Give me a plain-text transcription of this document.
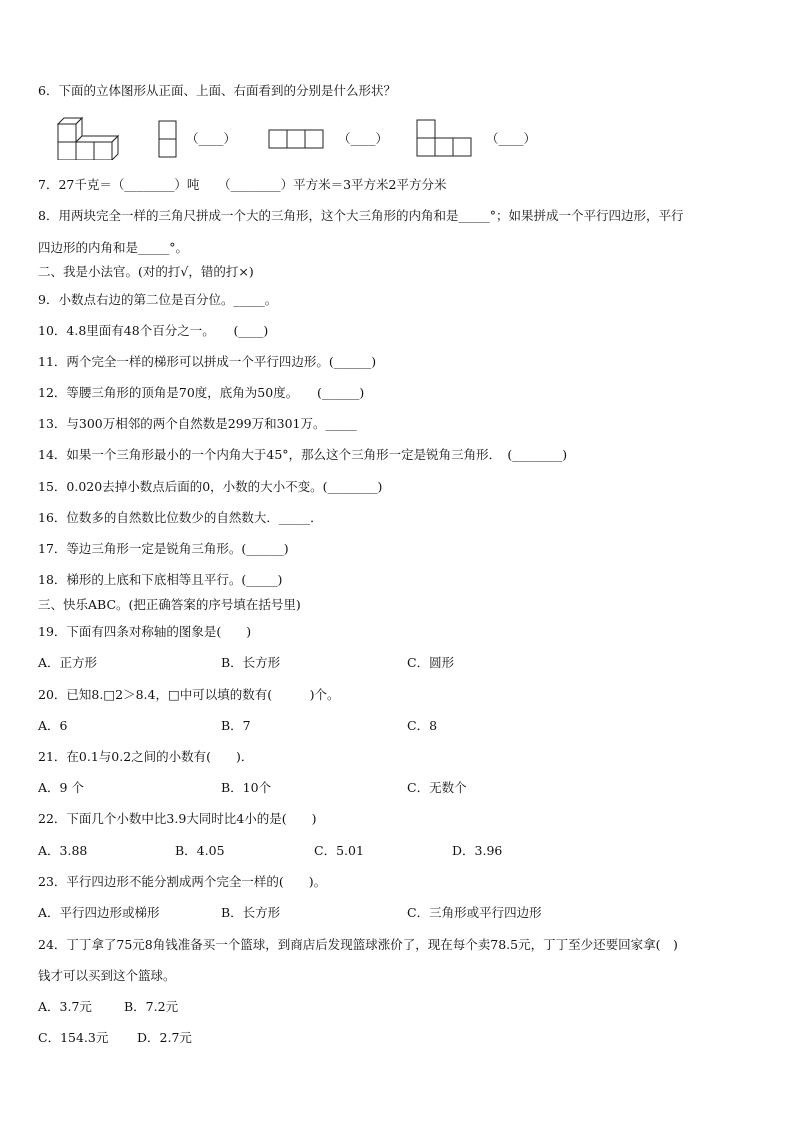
6．下面的立体图形从正面、上面、右面看到的分别是什么形状？
（____）	（____）	（____）
7．27千克＝（________）吨　　（________）平方米＝3平方米2平方分米
8．用两块完全一样的三角尺拼成一个大的三角形，这个大三角形的内角和是_____°；如果拼成一个平行四边形，平行
四边形的内角和是_____°。
二、我是小法官。(对的打√，错的打×)
9．小数点右边的第二位是百分位。_____。
10．4.8里面有48个百分之一。　　(____)
11．两个完全一样的梯形可以拼成一个平行四边形。(______)
12．等腰三角形的顶角是70度，底角为50度。　　(______)
13．与300万相邻的两个自然数是299万和301万。_____
14．如果一个三角形最小的一个内角大于45°，那么这个三角形一定是锐角三角形．　(________)
15．0.020去掉小数点后面的0，小数的大小不变。(________)
16．位数多的自然数比位数少的自然数大．_____．
17．等边三角形一定是锐角三角形。(______)
18．梯形的上底和下底相等且平行。(_____)
三、快乐ABC。(把正确答案的序号填在括号里)
19．下面有四条对称轴的图象是(　　)
A．正方形	B．长方形	C．圆形
20．已知8.□2＞8.4，□中可以填的数有(　　　)个。
A．6	B．7	C．8
21．在0.1与0.2之间的小数有(　　)．
A．9 个	B．10个	C．无数个
22．下面几个小数中比3.9大同时比4小的是(　　)
A．3.88	B．4.05	C．5.01	D．3.96
23．平行四边形不能分割成两个完全一样的(　　)。
A．平行四边形或梯形	B．长方形	C．三角形或平行四边形
24．丁丁拿了75元8角钱准备买一个篮球，到商店后发现篮球涨价了，现在每个卖78.5元，丁丁至少还要回家拿(　)
钱才可以买到这个篮球。
A．3.7元	B．7.2元
C．154.3元 D．2.7元
